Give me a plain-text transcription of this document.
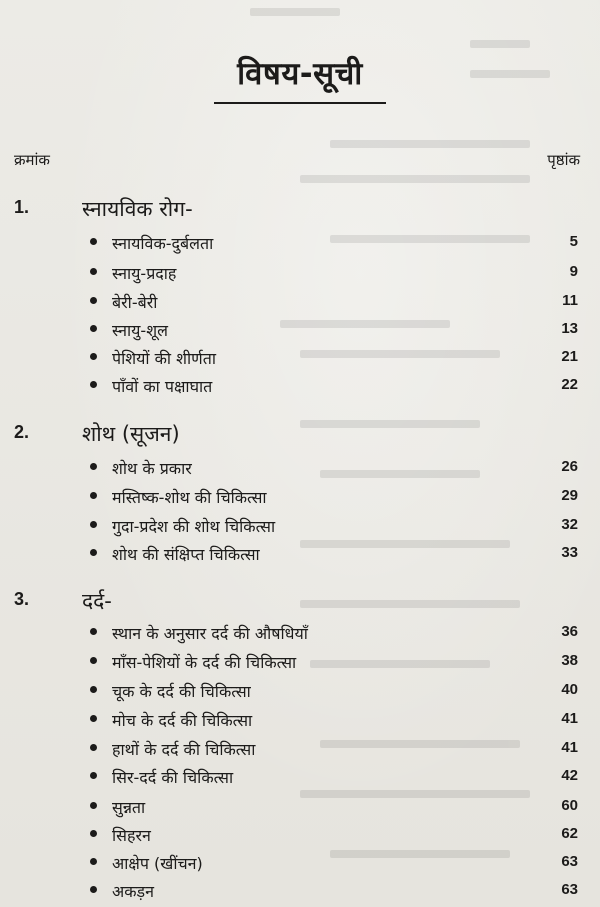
विषय-सूची
क्रमांक	पृष्ठांक
1.	स्नायविक रोग-
स्नायविक-दुर्बलता	5
स्नायु-प्रदाह	9
बेरी-बेरी	11
स्नायु-शूल	13
पेशियों की शीर्णता	21
पाँवों का पक्षाघात	22
2.	शोथ (सूजन)
शोथ के प्रकार	26
मस्तिष्क-शोथ की चिकित्सा	29
गुदा-प्रदेश की शोथ चिकित्सा	32
शोथ की संक्षिप्त चिकित्सा	33
3.	दर्द-
स्थान के अनुसार दर्द की औषधियाँ	36
माँस-पेशियों के दर्द की चिकित्सा	38
चूक के दर्द की चिकित्सा	40
मोच के दर्द की चिकित्सा	41
हाथों के दर्द की चिकित्सा	41
सिर-दर्द की चिकित्सा	42
सुन्नता	60
सिहरन	62
आक्षेप (खींचन)	63
अकड़न	63
